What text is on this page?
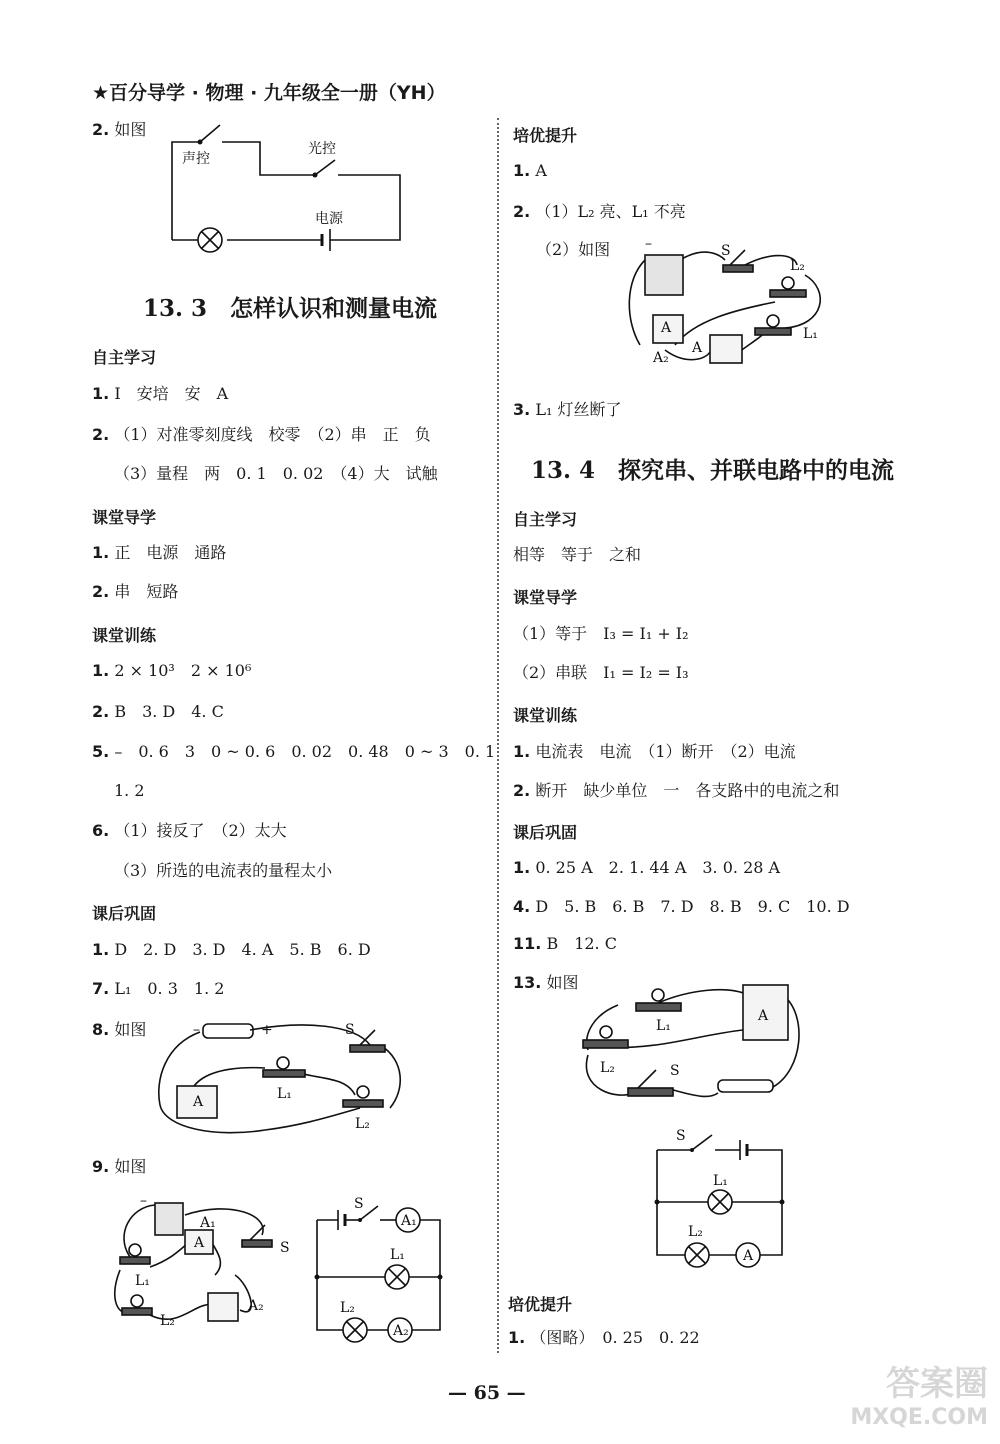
★百分导学 · 物理 · 九年级全一册（YH）
2. 如图
声控
光控
电源
13. 3　怎样认识和测量电流
自主学习
1. I　安培　安　A
2. （1）对准零刻度线　校零　（2）串　正　负
（3）量程　两　0. 1　0. 02　（4）大　试触
课堂导学
1. 正　电源　通路
2. 串　短路
课堂训练
1. 2 × 10³　2 × 10⁶
2. B　3. D　4. C
5. –　0. 6　3　0 ~ 0. 6　0. 02　0. 48　0 ~ 3　0. 1
1. 2
6. （1）接反了　（2）太大
（3）所选的电流表的量程太小
课后巩固
1. D　2. D　3. D　4. A　5. B　6. D
7. L₁　0. 3　1. 2
8. 如图	–	+	S
L₁
L₂
A
9. 如图
–
A₁
A₂
S
L₁
L₂
A
S
A₁
L₁
L₂
A₂
培优提升
1. A
2. （1）L₂ 亮、L₁ 不亮
（2）如图 –	S
L₂
L₁
A
A₂
A
3. L₁ 灯丝断了
13. 4　探究串、并联电路中的电流
自主学习
相等　等于　之和
课堂导学
（1）等于　I₃ = I₁ + I₂
（2）串联　I₁ = I₂ = I₃
课堂训练
1. 电流表　电流　（1）断开　（2）电流
2. 断开　缺少单位　一　各支路中的电流之和
课后巩固
1. 0. 25 A　2. 1. 44 A　3. 0. 28 A
4. D　5. B　6. B　7. D　8. B　9. C　10. D
11. B　12. C
13. 如图
L₁
L₂	S
A
S
L₁
L₂
A
培优提升
1. （图略）　0. 25　0. 22
— 65 —	答案圈
MXQE.COM
